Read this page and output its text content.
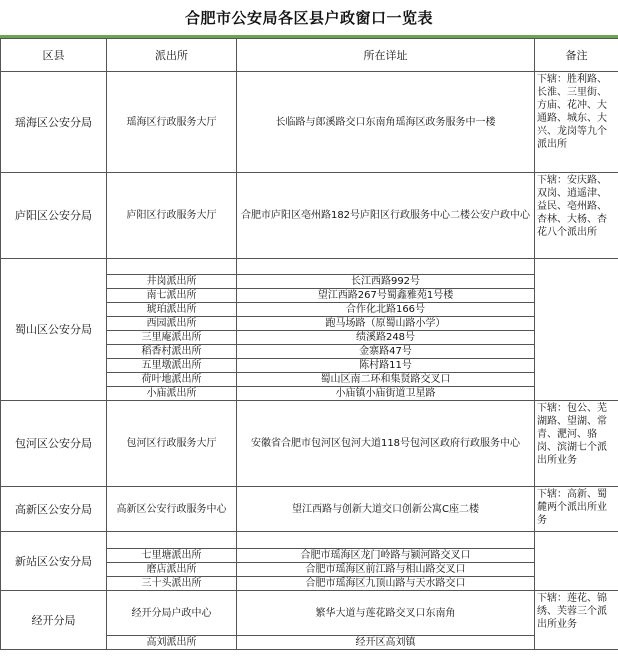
合肥市公安局各区县户政窗口一览表
区县	派出所	所在详址	备注
瑶海区公安分局	瑶海区行政服务大厅	长临路与郎溪路交口东南角瑶海区政务服务中一楼	下辖：胜利路、长淮、三里街、方庙、花冲、大通路、城东、大兴、龙岗等九个派出所
庐阳区公安分局	庐阳区行政服务大厅	合肥市庐阳区亳州路182号庐阳区行政服务中心二楼公安户政中心	下辖：安庆路、双岗、逍遥津、益民、亳州路、杏林、大杨、杏花八个派出所
蜀山区公安分局			
	井岗派出所	长江西路992号	
	南七派出所	望江西路267号蜀鑫雅苑1号楼	
	琥珀派出所	合作化北路166号	
	西园派出所	跑马场路（原蜀山路小学）	
	三里庵派出所	绩溪路248号	
	稻香村派出所	金寨路47号	
	五里墩派出所	陈村路11号	
	荷叶地派出所	蜀山区南二环和集贤路交叉口	
	小庙派出所	小庙镇小庙街道卫星路	
包河区公安分局	包河区行政服务大厅	安徽省合肥市包河区包河大道118号包河区政府行政服务中心	下辖：包公、芜湖路、望湖、常青、淝河、骆岗、滨湖七个派出所业务
高新区公安分局	高新区公安行政服务中心	望江西路与创新大道交口创新公寓C座二楼	下辖：高新、蜀麓两个派出所业务
新站区公安分局			
	七里塘派出所	合肥市瑶海区龙门岭路与颍河路交叉口	
	磨店派出所	合肥市瑶海区前江路与相山路交叉口	
	三十头派出所	合肥市瑶海区九顶山路与天水路交口	
经开分局	经开分局户政中心	繁华大道与莲花路交叉口东南角	下辖：莲花、锦绣、芙蓉三个派出所业务
	高刘派出所	经开区高刘镇	
